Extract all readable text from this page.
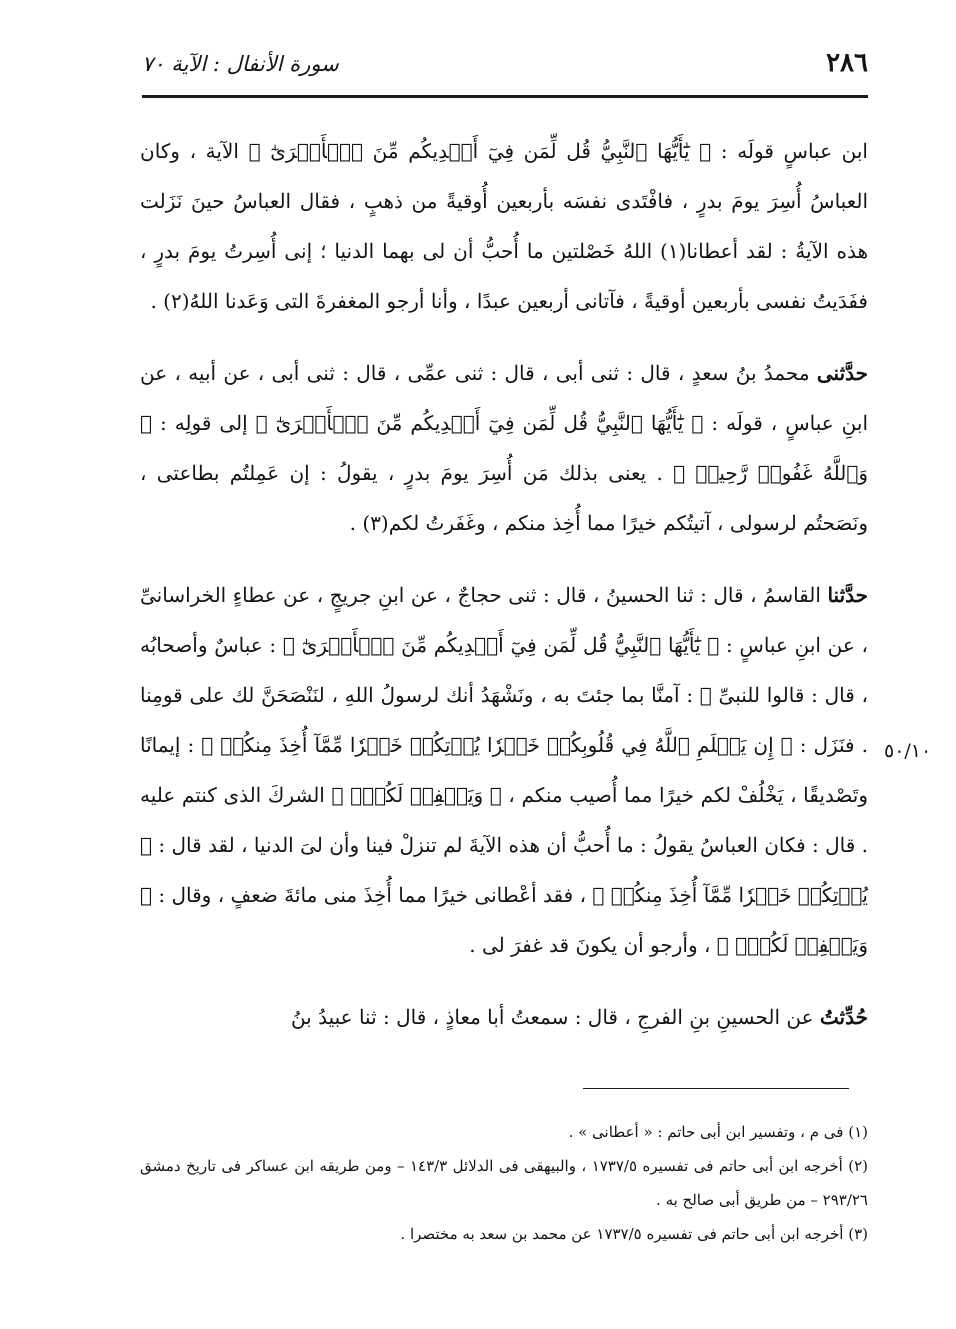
٢٨٦
سورة الأنفال : الآية ٧٠

ابن عباسٍ قولَه : ﴿ يَٰٓأَيُّهَا ٱلنَّبِيُّ قُل لِّمَن فِيٓ أَيۡدِيكُم مِّنَ ٱلۡأَسۡرَىٰٓ ﴾ الآية ، وكان العباسُ أُسِرَ يومَ بدرٍ ، فافْتَدى نفسَه بأربعين أُوقيةً من ذهبٍ ، فقال العباسُ حينَ نَزَلت هذه الآيةُ : لقد أعطانا(١) اللهُ خَصْلتين ما أُحبُّ أن لى بهما الدنيا ؛ إنى أُسِرتُ يومَ بدرٍ ، ففَدَيتُ نفسى بأربعين أوقيةً ، فآتانى أربعين عبدًا ، وأنا أرجو المغفرةَ التى وَعَدنا اللهُ(٢) .

حدَّثنى محمدُ بنُ سعدٍ ، قال : ثنى أبى ، قال : ثنى عمِّى ، قال : ثنى أبى ، عن أبيه ، عن ابنِ عباسٍ ، قولَه : ﴿ يَٰٓأَيُّهَا ٱلنَّبِيُّ قُل لِّمَن فِيٓ أَيۡدِيكُم مِّنَ ٱلۡأَسۡرَىٰٓ ﴾ إلى قولِه : ﴿ وَٱللَّهُ غَفُورٞ رَّحِيمٞ ﴾ . يعنى بذلك مَن أُسِرَ يومَ بدرٍ ، يقولُ : إن عَمِلتُم بطاعتى ، ونَصَحتُم لرسولى ، آتيتُكم خيرًا مما أُخِذ منكم ، وغَفَرتُ لكم(٣) .

حدَّثنا القاسمُ ، قال : ثنا الحسينُ ، قال : ثنى حجاجٌ ، عن ابنِ جريجٍ ، عن عطاءٍ الخراسانىِّ ، عن ابنِ عباسٍ : ﴿ يَٰٓأَيُّهَا ٱلنَّبِيُّ قُل لِّمَن فِيٓ أَيۡدِيكُم مِّنَ ٱلۡأَسۡرَىٰٓ ﴾ : عباسٌ وأصحابُه ، قال : قالوا للنبىِّ ﷺ : آمنَّا بما جئتَ به ، ونَشْهَدُ أنك لرسولُ اللهِ ، لنَنْصَحَنَّ لك على قومِنا . فنَزَل : ﴿ إِن يَعۡلَمِ ٱللَّهُ فِي قُلُوبِكُمۡ خَيۡرٗا يُؤۡتِكُمۡ خَيۡرٗا مِّمَّآ أُخِذَ مِنكُمۡ ﴾ : إيمانًا وتَصْديقًا ، يَخْلُفْ لكم خيرًا مما أُصيب منكم ، ﴿ وَيَغۡفِرۡ لَكُمۡۚ ﴾ الشركَ الذى كنتم عليه . قال : فكان العباسُ يقولُ : ما أُحبُّ أن هذه الآيةَ لم تنزلْ فينا وأن لىَ الدنيا ، لقد قال : ﴿ يُؤۡتِكُمۡ خَيۡرٗا مِّمَّآ أُخِذَ مِنكُمۡ ﴾ ، فقد أعْطانى خيرًا مما أُخِذَ منى مائةَ ضعفٍ ، وقال : ﴿ وَيَغۡفِرۡ لَكُمۡۚ ﴾ ، وأرجو أن يكونَ قد غفرَ لى .

حُدِّثتُ عن الحسينِ بنِ الفرجِ ، قال : سمعتُ أبا معاذٍ ، قال : ثنا عبيدُ بنُ

٥٠/١٠

(١) فى م ، وتفسير ابن أبى حاتم : « أعطانى » .

(٢) أخرجه ابن أبى حاتم فى تفسيره ١٧٣٧/٥ ، والبيهقى فى الدلائل ١٤٣/٣ – ومن طريقه ابن عساكر فى تاريخ دمشق ٢٩٣/٢٦ – من طريق أبى صالح به .

(٣) أخرجه ابن أبى حاتم فى تفسيره ١٧٣٧/٥ عن محمد بن سعد به مختصرا .
